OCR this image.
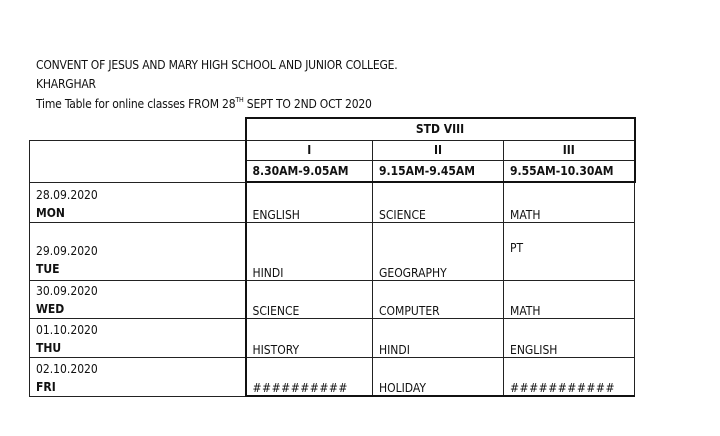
CONVENT OF JESUS AND MARY HIGH SCHOOL AND JUNIOR COLLEGE.
KHARGHAR
Time Table for online classes FROM 28TH SEPT TO 2ND OCT 2020
	STD VIII		
	I	II	III
	8.30AM-9.05AM	9.15AM-9.45AM	9.55AM-10.30AM

28.09.2020
MON	ENGLISH	SCIENCE	MATH

29.09.2020
TUE	HINDI	GEOGRAPHY	PT

30.09.2020
WED	SCIENCE	COMPUTER	MATH

01.10.2020
THU	HISTORY	HINDI	ENGLISH

02.10.2020
FRI	##########	HOLIDAY	###########
